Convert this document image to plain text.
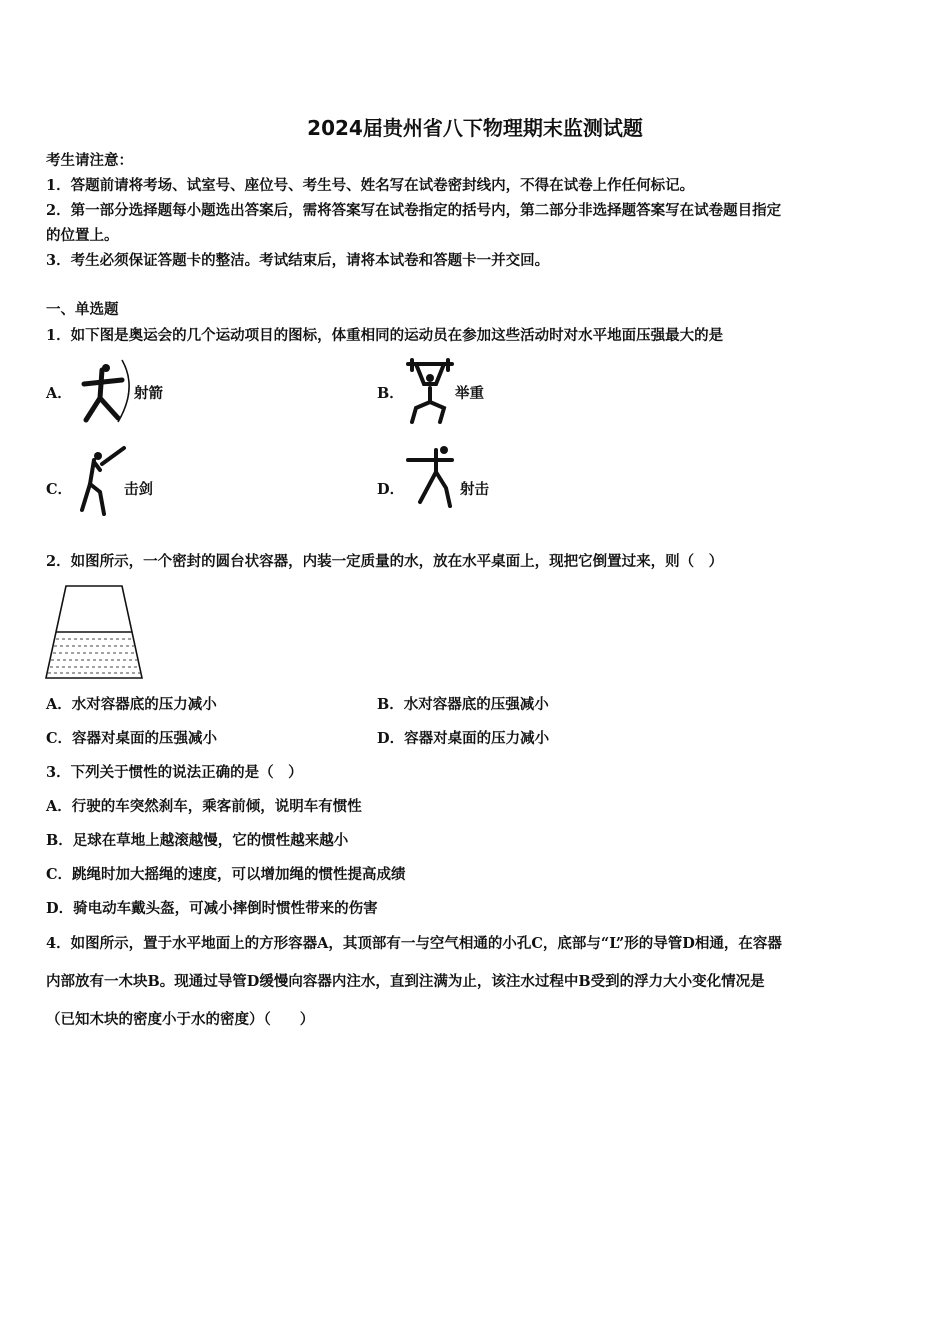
2024届贵州省八下物理期末监测试题
考生请注意：
1．答题前请将考场、试室号、座位号、考生号、姓名写在试卷密封线内，不得在试卷上作任何标记。
2．第一部分选择题每小题选出答案后，需将答案写在试卷指定的括号内，第二部分非选择题答案写在试卷题目指定
的位置上。
3．考生必须保证答题卡的整洁。考试结束后，请将本试卷和答题卡一并交回。
一、单选题
1．如下图是奥运会的几个运动项目的图标，体重相同的运动员在参加这些活动时对水平地面压强最大的是
A．	射箭	B．	举重
C．	击剑	D．	射击
2．如图所示，一个密封的圆台状容器，内装一定质量的水，放在水平桌面上，现把它倒置过来，则（　）
A．水对容器底的压力减小	B．水对容器底的压强减小
C．容器对桌面的压强减小	D．容器对桌面的压力减小
3．下列关于惯性的说法正确的是（　）
A．行驶的车突然刹车，乘客前倾，说明车有惯性
B．足球在草地上越滚越慢，它的惯性越来越小
C．跳绳时加大摇绳的速度，可以增加绳的惯性提高成绩
D．骑电动车戴头盔，可减小摔倒时惯性带来的伤害
4．如图所示，置于水平地面上的方形容器A，其顶部有一与空气相通的小孔C，底部与“L”形的导管D相通，在容器
内部放有一木块B。现通过导管D缓慢向容器内注水，直到注满为止，该注水过程中B受到的浮力大小变化情况是
（已知木块的密度小于水的密度）（　　）
